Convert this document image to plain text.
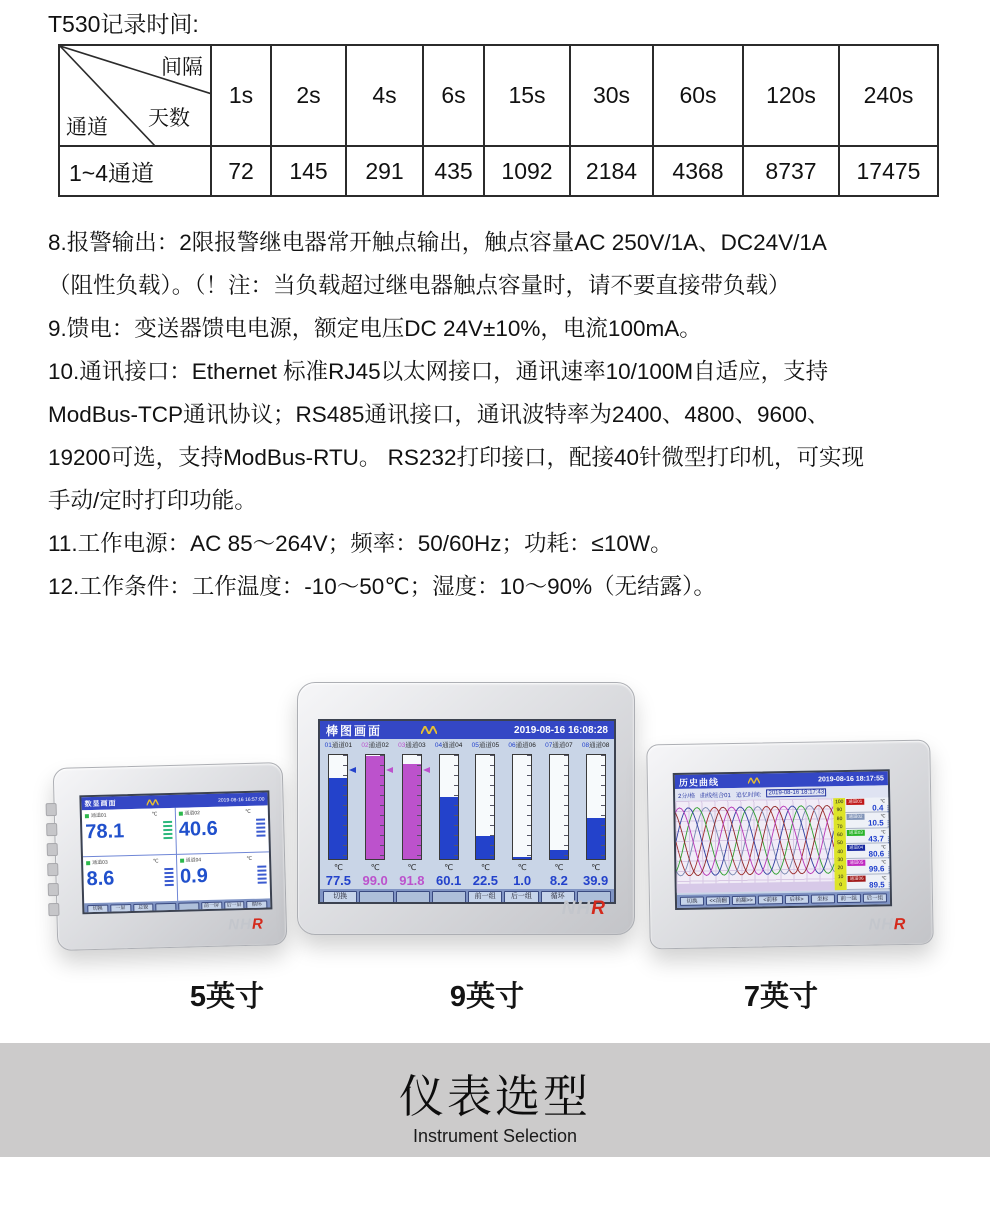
T530记录时间:
间隔
天数
通道	1s	2s	4s	6s	15s	30s	60s	120s	240s
1~4通道	72	145	291	435	1092	2184	4368	8737	17475
8.报警输出：2限报警继电器常开触点输出，触点容量AC 250V/1A、DC24V/1A
（阻性负载）。（！注：当负载超过继电器触点容量时，请不要直接带负载）
9.馈电：变送器馈电电源，额定电压DC 24V±10%，电流100mA。
10.通讯接口：Ethernet 标准RJ45以太网接口，通讯速率10/100M自适应，支持
ModBus-TCP通讯协议；RS485通讯接口，通讯波特率为2400、4800、9600、
19200可选，支持ModBus-RTU。 RS232打印接口，配接40针微型打印机，可实现
手动/定时打印功能。
11.工作电源：AC 85～264V；频率：50/60Hz；功耗：≤10W。
12.工作条件：工作温度：-10～50℃；湿度：10～90%（无结露）。
数显画面
2019-08-16 16:57:00
通道01	℃
78.1
通道02	℃
40.6
通道03	℃
8.6
通道04	℃
0.9
切换	一屏	总貌	前一屏	后一屏	循环
NHR
棒图画面	2019-08-16 16:08:28
01通道01	02通道02	03通道03	04通道04	05通道05	06通道06	07通道07	08通道08
℃	℃	℃	℃	℃	℃	℃	℃
77.5 99.0 91.8 60.1 22.5	1.0	8.2	39.9
切换	前一组	后一组	循环
NHR
历史曲线	2019-08-16 18:17:55
2分/格 曲线组合01 追忆时间:	2019-08-16 18:17:43
100
90
80
70
60
50
40
30
20
10
0
通道01	℃
0.4
通道02	℃
10.5
通道03	℃
43.7
通道04	℃
80.6
通道05	℃
99.6
通道06	℃
89.5
切换	<<前翻	前翻>>	<前移	后移>	坐标	前一组	后一组
NHR
5英寸	9英寸	7英寸
仪表选型
Instrument Selection
